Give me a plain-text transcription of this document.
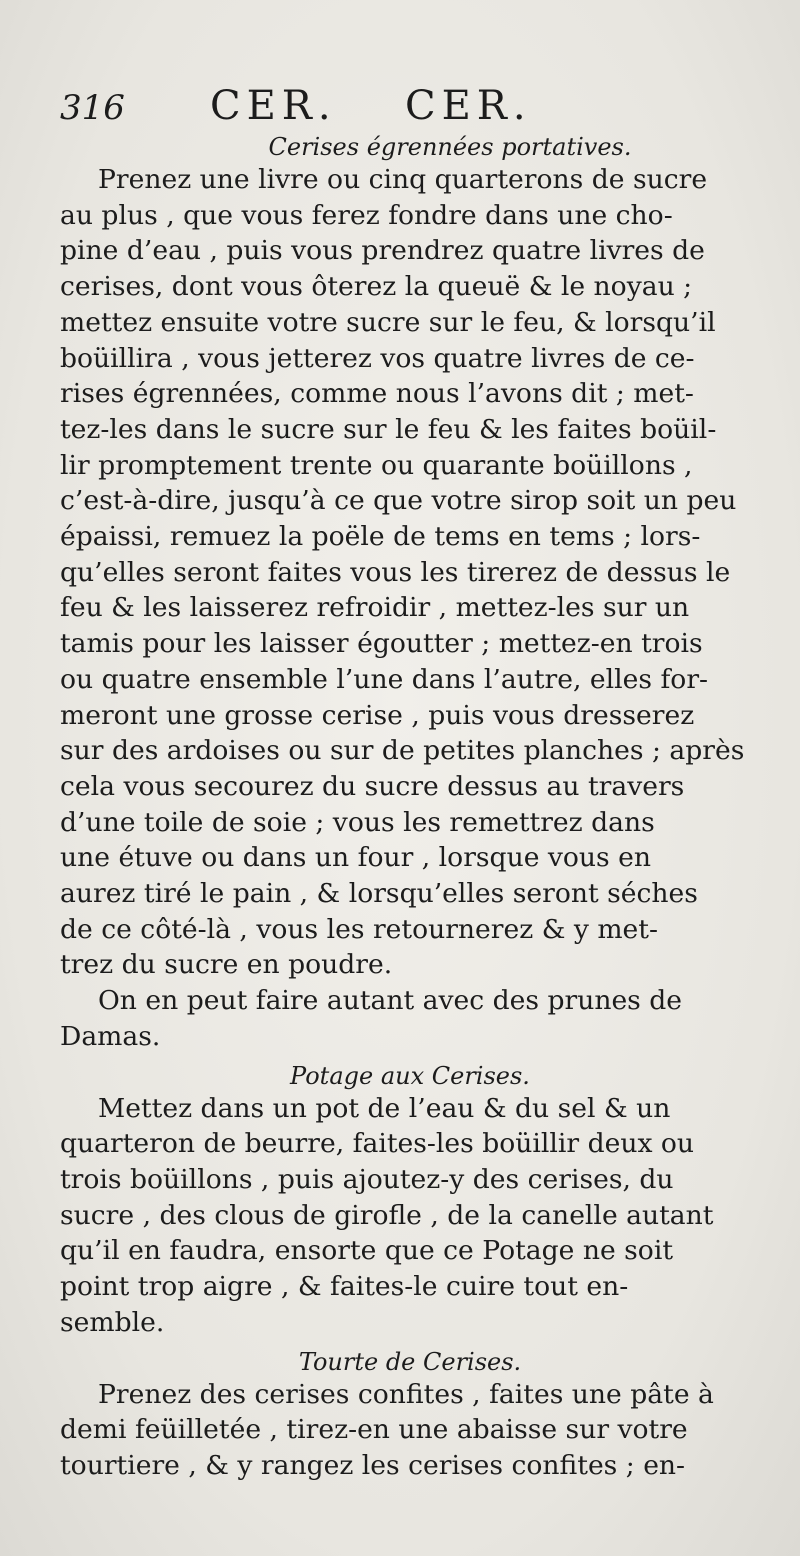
316	CER.	CER.

Cerises égrennées portatives.

Prenez une livre ou cinq quarterons de sucre
au plus , que vous ferez fondre dans une cho-
pine d’eau , puis vous prendrez quatre livres de
cerises, dont vous ôterez la queuë & le noyau ;
mettez ensuite votre sucre sur le feu, & lorsqu’il
boüillira , vous jetterez vos quatre livres de ce-
rises égrennées, comme nous l’avons dit ; met-
tez-les dans le sucre sur le feu & les faites boüil-
lir promptement trente ou quarante boüillons ,
c’est-à-dire, jusqu’à ce que votre sirop soit un peu
épaissi, remuez la poële de tems en tems ; lors-
qu’elles seront faites vous les tirerez de dessus le
feu & les laisserez refroidir , mettez-les sur un
tamis pour les laisser égoutter ; mettez-en trois
ou quatre ensemble l’une dans l’autre, elles for-
meront une grosse cerise , puis vous dresserez
sur des ardoises ou sur de petites planches ; après
cela vous secourez du sucre dessus au travers
d’une toile de soie ; vous les remettrez dans
une étuve ou dans un four , lorsque vous en
aurez tiré le pain , & lorsqu’elles seront séches
de ce côté-là , vous les retournerez & y met-
trez du sucre en poudre.
On en peut faire autant avec des prunes de
Damas.

Potage aux Cerises.

Mettez dans un pot de l’eau & du sel & un
quarteron de beurre, faites-les boüillir deux ou
trois boüillons , puis ajoutez-y des cerises, du
sucre , des clous de girofle , de la canelle autant
qu’il en faudra, ensorte que ce Potage ne soit
point trop aigre , & faites-le cuire tout en-
semble.

Tourte de Cerises.

Prenez des cerises confites , faites une pâte à
demi feüilletée , tirez-en une abaisse sur votre
tourtiere , & y rangez les cerises confites ; en-
